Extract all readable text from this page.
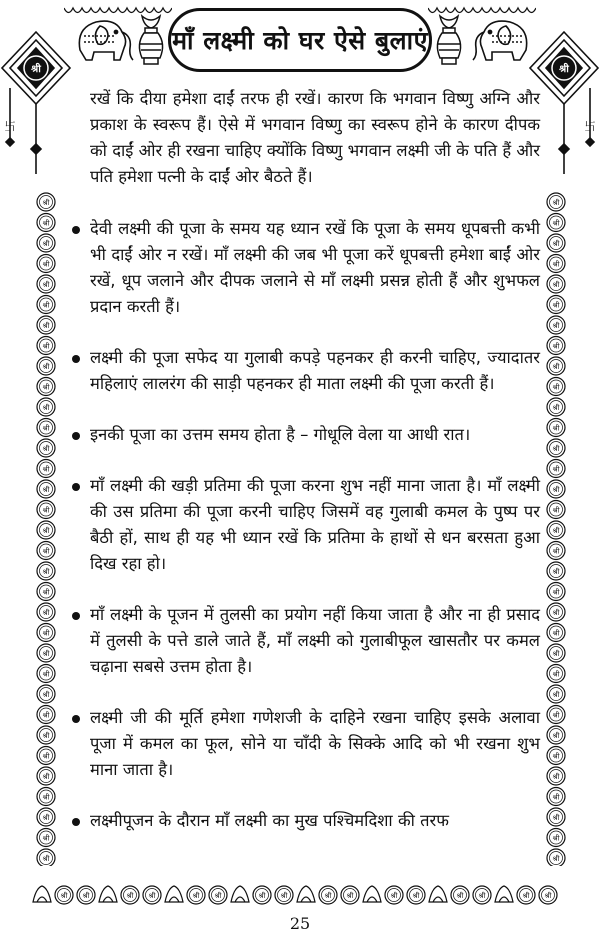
माँ लक्ष्मी को घर ऐसे बुलाएं
श्री
卐
श्री
卐
श्री
श्री
श्री
श्री
श्री
श्री
श्री
श्री
श्री
श्री
श्री
श्री
श्री
श्री
श्री
श्री
श्री
श्री
श्री
श्री
श्री
श्री
श्री
श्री
श्री
श्री
श्री
श्री
श्री
श्री
श्री
श्री
श्री
श्री
श्री
श्री
श्री
श्री
श्री
श्री
श्री
श्री
श्री
श्री
श्री
श्री
श्री
श्री
श्री
श्री
श्री
श्री
श्री
श्री
श्री
श्री
श्री
श्री
श्री
श्री
श्री
श्री
श्री
श्री
श्री
श्री
श्री श्री	श्री श्री	श्री श्री	श्री श्री	श्री श्री	श्री श्री	श्री श्री	श्री श्री

रखें कि दीया हमेशा दाईं तरफ ही रखें। कारण कि भगवान विष्णु अग्नि और प्रकाश के स्वरूप हैं। ऐसे में भगवान विष्णु का स्वरूप होने के कारण दीपक को दाईं ओर ही रखना चाहिए क्योंकि विष्णु भगवान लक्ष्मी जी के पति हैं और पति हमेशा पत्नी के दाईं ओर बैठते हैं।

देवी लक्ष्मी की पूजा के समय यह ध्यान रखें कि पूजा के समय धूपबत्ती कभी भी दाईं ओर न रखें। माँ लक्ष्मी की जब भी पूजा करें धूपबत्ती हमेशा बाईं ओर रखें, धूप जलाने और दीपक जलाने से माँ लक्ष्मी प्रसन्न होती हैं और शुभफल प्रदान करती हैं।
लक्ष्मी की पूजा सफेद या गुलाबी कपड़े पहनकर ही करनी चाहिए, ज्यादातर महिलाएं लालरंग की साड़ी पहनकर ही माता लक्ष्मी की पूजा करती हैं।
इनकी पूजा का उत्तम समय होता है – गोधूलि वेला या आधी रात।
माँ लक्ष्मी की खड़ी प्रतिमा की पूजा करना शुभ नहीं माना जाता है। माँ लक्ष्मी की उस प्रतिमा की पूजा करनी चाहिए जिसमें वह गुलाबी कमल के पुष्प पर बैठी हों, साथ ही यह भी ध्यान रखें कि प्रतिमा के हाथों से धन बरसता हुआ दिख रहा हो।
माँ लक्ष्मी के पूजन में तुलसी का प्रयोग नहीं किया जाता है और ना ही प्रसाद में तुलसी के पत्ते डाले जाते हैं, माँ लक्ष्मी को गुलाबीफूल खासतौर पर कमल चढ़ाना सबसे उत्तम होता है।
लक्ष्मी जी की मूर्ति हमेशा गणेशजी के दाहिने रखना चाहिए इसके अलावा पूजा में कमल का फूल, सोने या चाँदी के सिक्के आदि को भी रखना शुभ माना जाता है।
लक्ष्मीपूजन के दौरान माँ लक्ष्मी का मुख पश्चिमदिशा की तरफ
25
